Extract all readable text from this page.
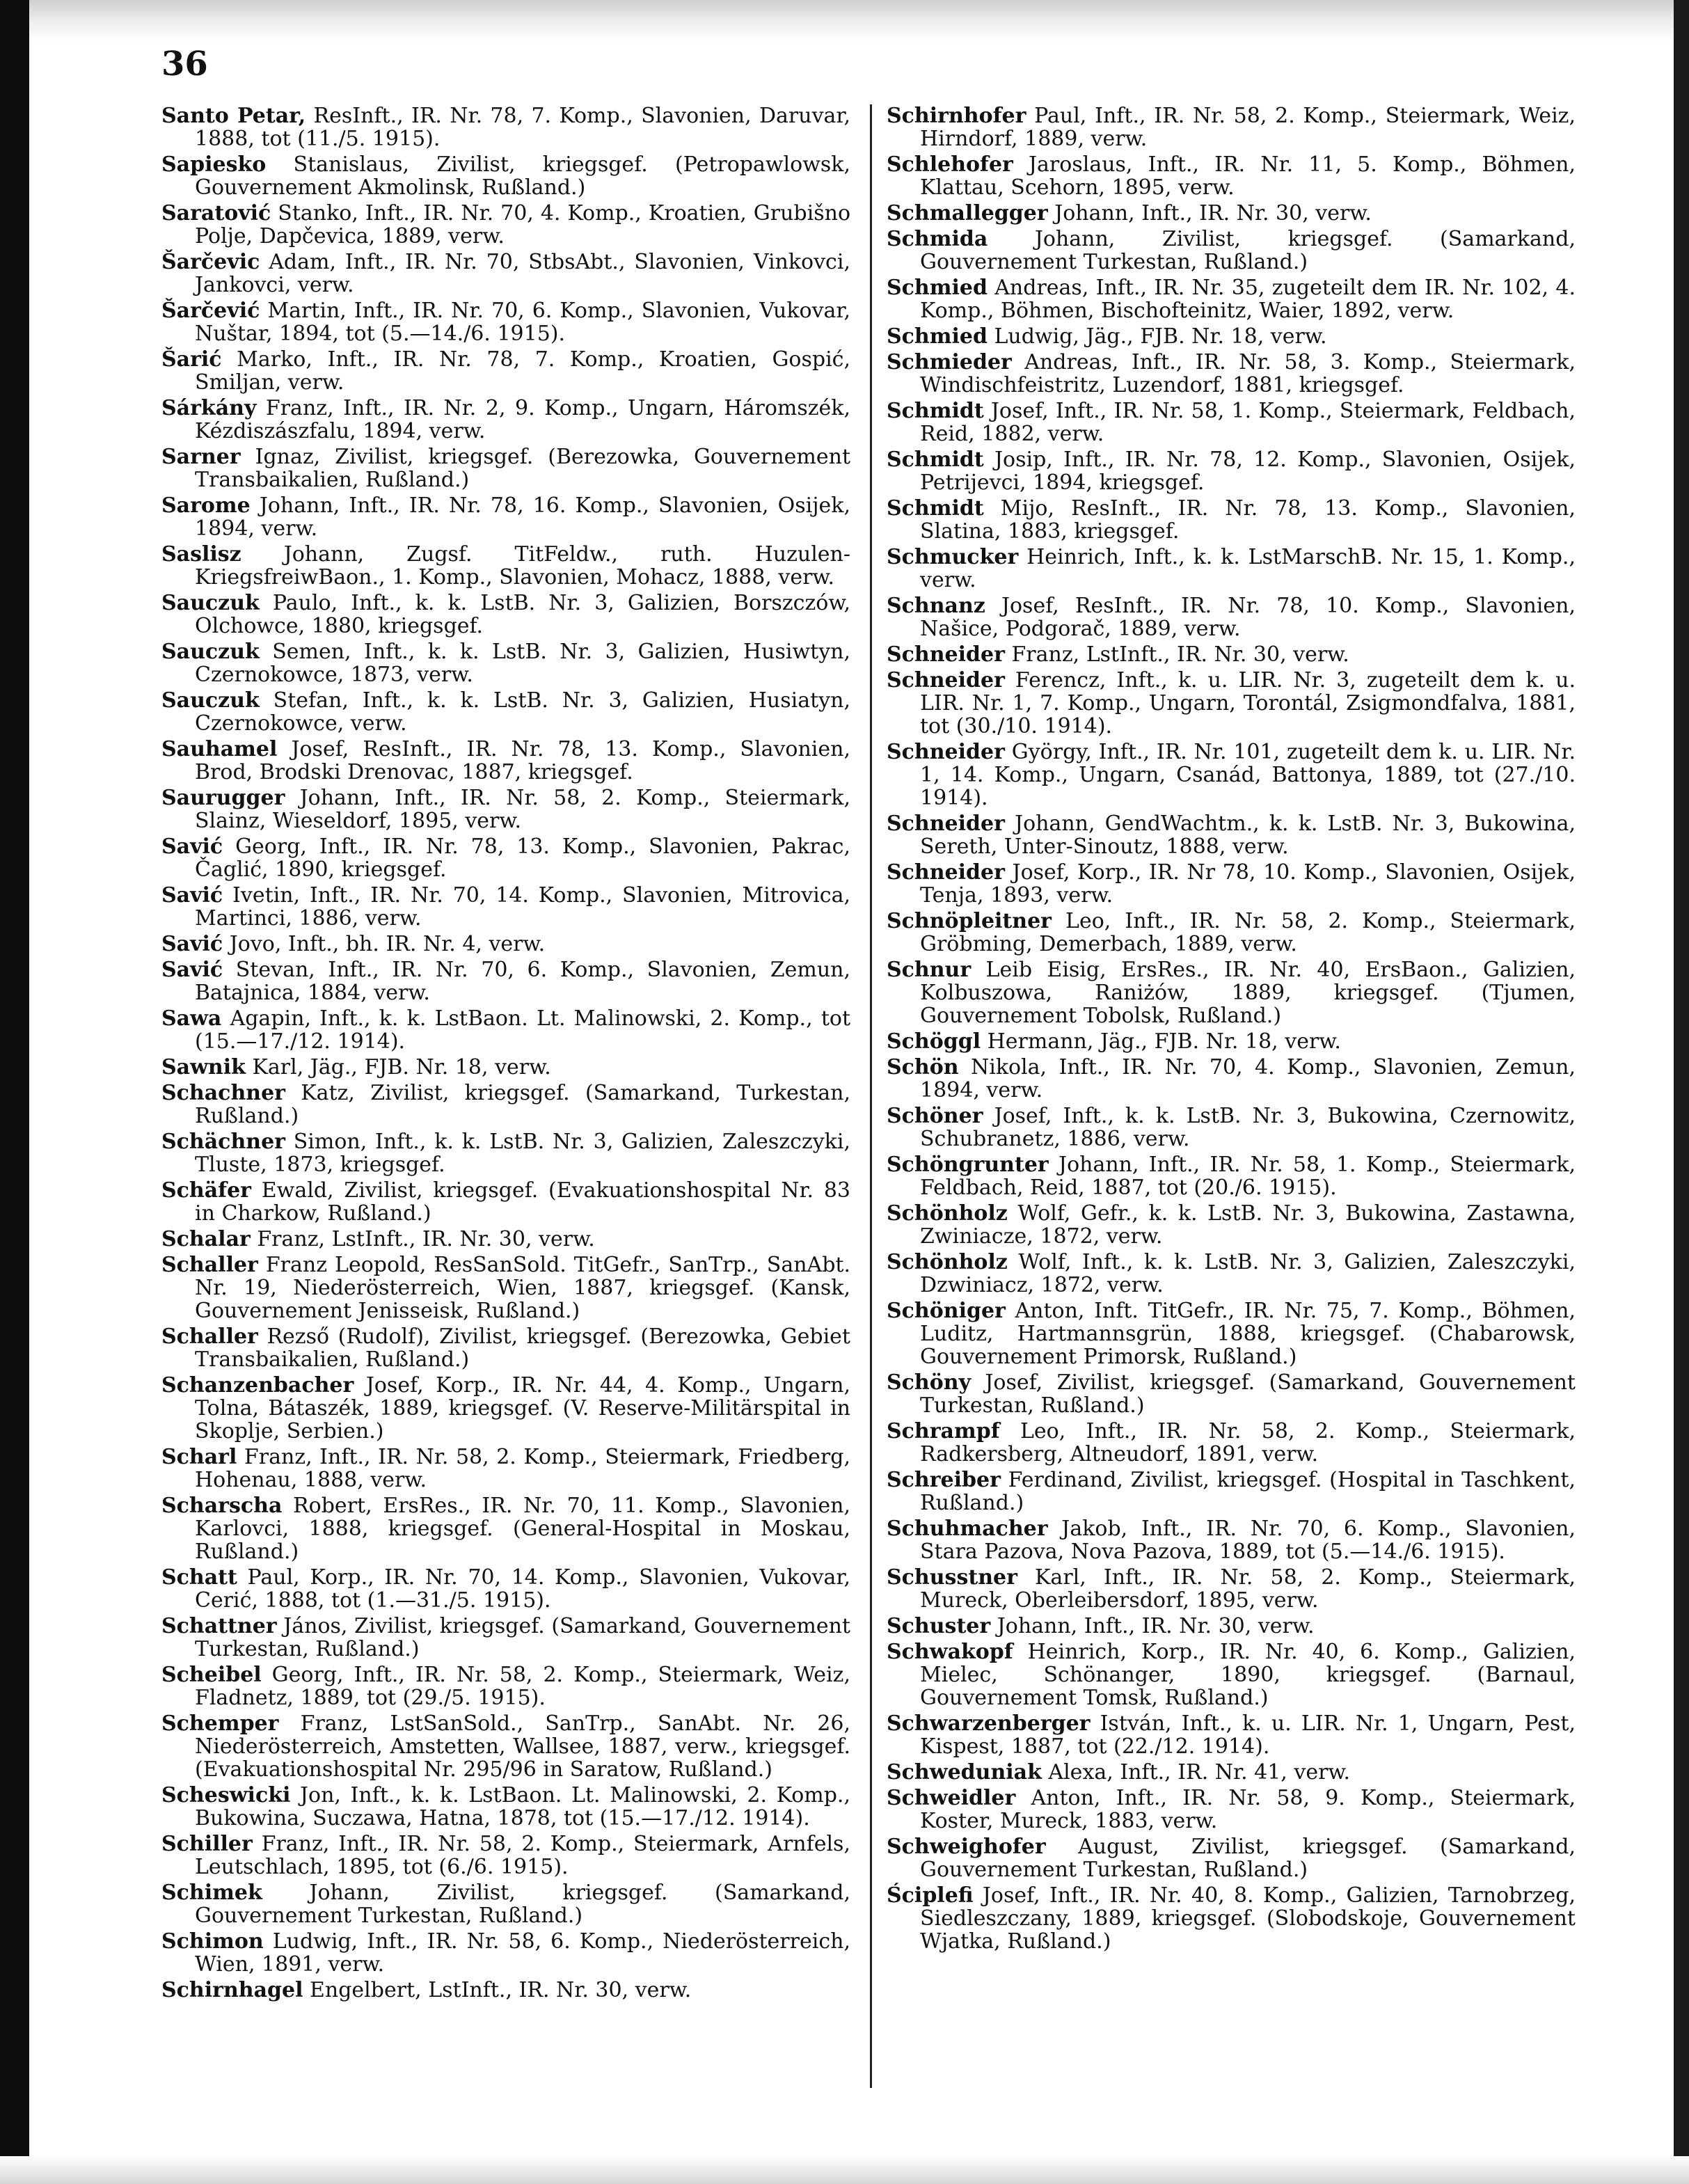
36
Santo Petar, ResInft., IR. Nr. 78, 7. Komp., Slavonien, Daruvar, 1888, tot (11./5. 1915).
Sapiesko Stanislaus, Zivilist, kriegsgef. (Petropawlowsk, Gouvernement Akmolinsk, Rußland.)
Saratović Stanko, Inft., IR. Nr. 70, 4. Komp., Kroatien, Grubišno Polje, Dapčevica, 1889, verw.
Šarčevic Adam, Inft., IR. Nr. 70, StbsAbt., Slavonien, Vinkovci, Jankovci, verw.
Šarčević Martin, Inft., IR. Nr. 70, 6. Komp., Slavonien, Vukovar, Nuštar, 1894, tot (5.—14./6. 1915).
Šarić Marko, Inft., IR. Nr. 78, 7. Komp., Kroatien, Gospić, Smiljan, verw.
Sárkány Franz, Inft., IR. Nr. 2, 9. Komp., Ungarn, Háromszék, Kézdiszászfalu, 1894, verw.
Sarner Ignaz, Zivilist, kriegsgef. (Berezowka, Gouvernement Transbaikalien, Rußland.)
Sarome Johann, Inft., IR. Nr. 78, 16. Komp., Slavonien, Osijek, 1894, verw.
Saslisz Johann, Zugsf. TitFeldw., ruth. Huzulen-KriegsfreiwBaon., 1. Komp., Slavonien, Mohacz, 1888, verw.
Sauczuk Paulo, Inft., k. k. LstB. Nr. 3, Galizien, Borszczów, Olchowce, 1880, kriegsgef.
Sauczuk Semen, Inft., k. k. LstB. Nr. 3, Galizien, Husiwtyn, Czernokowce, 1873, verw.
Sauczuk Stefan, Inft., k. k. LstB. Nr. 3, Galizien, Husiatyn, Czernokowce, verw.
Sauhamel Josef, ResInft., IR. Nr. 78, 13. Komp., Slavonien, Brod, Brodski Drenovac, 1887, kriegsgef.
Saurugger Johann, Inft., IR. Nr. 58, 2. Komp., Steiermark, Slainz, Wieseldorf, 1895, verw.
Savić Georg, Inft., IR. Nr. 78, 13. Komp., Slavonien, Pakrac, Čaglić, 1890, kriegsgef.
Savić Ivetin, Inft., IR. Nr. 70, 14. Komp., Slavonien, Mitrovica, Martinci, 1886, verw.
Savić Jovo, Inft., bh. IR. Nr. 4, verw.
Savić Stevan, Inft., IR. Nr. 70, 6. Komp., Slavonien, Zemun, Batajnica, 1884, verw.
Sawa Agapin, Inft., k. k. LstBaon. Lt. Malinowski, 2. Komp., tot (15.—17./12. 1914).
Sawnik Karl, Jäg., FJB. Nr. 18, verw.
Schachner Katz, Zivilist, kriegsgef. (Samarkand, Turkestan, Rußland.)
Schächner Simon, Inft., k. k. LstB. Nr. 3, Galizien, Zaleszczyki, Tluste, 1873, kriegsgef.
Schäfer Ewald, Zivilist, kriegsgef. (Evakuationshospital Nr. 83 in Charkow, Rußland.)
Schalar Franz, LstInft., IR. Nr. 30, verw.
Schaller Franz Leopold, ResSanSold. TitGefr., SanTrp., SanAbt. Nr. 19, Niederösterreich, Wien, 1887, kriegsgef. (Kansk, Gouvernement Jenisseisk, Rußland.)
Schaller Rezső (Rudolf), Zivilist, kriegsgef. (Berezowka, Gebiet Transbaikalien, Rußland.)
Schanzenbacher Josef, Korp., IR. Nr. 44, 4. Komp., Ungarn, Tolna, Bátaszék, 1889, kriegsgef. (V. Reserve-Militärspital in Skoplje, Serbien.)
Scharl Franz, Inft., IR. Nr. 58, 2. Komp., Steiermark, Friedberg, Hohenau, 1888, verw.
Scharscha Robert, ErsRes., IR. Nr. 70, 11. Komp., Slavonien, Karlovci, 1888, kriegsgef. (General-Hospital in Moskau, Rußland.)
Schatt Paul, Korp., IR. Nr. 70, 14. Komp., Slavonien, Vukovar, Cerić, 1888, tot (1.—31./5. 1915).
Schattner János, Zivilist, kriegsgef. (Samarkand, Gouvernement Turkestan, Rußland.)
Scheibel Georg, Inft., IR. Nr. 58, 2. Komp., Steiermark, Weiz, Fladnetz, 1889, tot (29./5. 1915).
Schemper Franz, LstSanSold., SanTrp., SanAbt. Nr. 26, Niederösterreich, Amstetten, Wallsee, 1887, verw., kriegsgef. (Evakuationshospital Nr. 295/96 in Saratow, Rußland.)
Scheswicki Jon, Inft., k. k. LstBaon. Lt. Malinowski, 2. Komp., Bukowina, Suczawa, Hatna, 1878, tot (15.—17./12. 1914).
Schiller Franz, Inft., IR. Nr. 58, 2. Komp., Steiermark, Arnfels, Leutschlach, 1895, tot (6./6. 1915).
Schimek Johann, Zivilist, kriegsgef. (Samarkand, Gouvernement Turkestan, Rußland.)
Schimon Ludwig, Inft., IR. Nr. 58, 6. Komp., Niederösterreich, Wien, 1891, verw.
Schirnhagel Engelbert, LstInft., IR. Nr. 30, verw.
Schirnhofer Paul, Inft., IR. Nr. 58, 2. Komp., Steiermark, Weiz, Hirndorf, 1889, verw.
Schlehofer Jaroslaus, Inft., IR. Nr. 11, 5. Komp., Böhmen, Klattau, Scehorn, 1895, verw.
Schmallegger Johann, Inft., IR. Nr. 30, verw.
Schmida Johann, Zivilist, kriegsgef. (Samarkand, Gouvernement Turkestan, Rußland.)
Schmied Andreas, Inft., IR. Nr. 35, zugeteilt dem IR. Nr. 102, 4. Komp., Böhmen, Bischofteinitz, Waier, 1892, verw.
Schmied Ludwig, Jäg., FJB. Nr. 18, verw.
Schmieder Andreas, Inft., IR. Nr. 58, 3. Komp., Steiermark, Windischfeistritz, Luzendorf, 1881, kriegsgef.
Schmidt Josef, Inft., IR. Nr. 58, 1. Komp., Steiermark, Feldbach, Reid, 1882, verw.
Schmidt Josip, Inft., IR. Nr. 78, 12. Komp., Slavonien, Osijek, Petrijevci, 1894, kriegsgef.
Schmidt Mijo, ResInft., IR. Nr. 78, 13. Komp., Slavonien, Slatina, 1883, kriegsgef.
Schmucker Heinrich, Inft., k. k. LstMarschB. Nr. 15, 1. Komp., verw.
Schnanz Josef, ResInft., IR. Nr. 78, 10. Komp., Slavonien, Našice, Podgorač, 1889, verw.
Schneider Franz, LstInft., IR. Nr. 30, verw.
Schneider Ferencz, Inft., k. u. LIR. Nr. 3, zugeteilt dem k. u. LIR. Nr. 1, 7. Komp., Ungarn, Torontál, Zsigmondfalva, 1881, tot (30./10. 1914).
Schneider György, Inft., IR. Nr. 101, zugeteilt dem k. u. LIR. Nr. 1, 14. Komp., Ungarn, Csanád, Battonya, 1889, tot (27./10. 1914).
Schneider Johann, GendWachtm., k. k. LstB. Nr. 3, Bukowina, Sereth, Unter-Sinoutz, 1888, verw.
Schneider Josef, Korp., IR. Nr 78, 10. Komp., Slavonien, Osijek, Tenja, 1893, verw.
Schnöpleitner Leo, Inft., IR. Nr. 58, 2. Komp., Steiermark, Gröbming, Demerbach, 1889, verw.
Schnur Leib Eisig, ErsRes., IR. Nr. 40, ErsBaon., Galizien, Kolbuszowa, Raniżów, 1889, kriegsgef. (Tjumen, Gouvernement Tobolsk, Rußland.)
Schöggl Hermann, Jäg., FJB. Nr. 18, verw.
Schön Nikola, Inft., IR. Nr. 70, 4. Komp., Slavonien, Zemun, 1894, verw.
Schöner Josef, Inft., k. k. LstB. Nr. 3, Bukowina, Czernowitz, Schubranetz, 1886, verw.
Schöngrunter Johann, Inft., IR. Nr. 58, 1. Komp., Steiermark, Feldbach, Reid, 1887, tot (20./6. 1915).
Schönholz Wolf, Gefr., k. k. LstB. Nr. 3, Bukowina, Zastawna, Zwiniacze, 1872, verw.
Schönholz Wolf, Inft., k. k. LstB. Nr. 3, Galizien, Zaleszczyki, Dzwiniacz, 1872, verw.
Schöniger Anton, Inft. TitGefr., IR. Nr. 75, 7. Komp., Böhmen, Luditz, Hartmannsgrün, 1888, kriegsgef. (Chabarowsk, Gouvernement Primorsk, Rußland.)
Schöny Josef, Zivilist, kriegsgef. (Samarkand, Gouvernement Turkestan, Rußland.)
Schrampf Leo, Inft., IR. Nr. 58, 2. Komp., Steiermark, Radkersberg, Altneudorf, 1891, verw.
Schreiber Ferdinand, Zivilist, kriegsgef. (Hospital in Taschkent, Rußland.)
Schuhmacher Jakob, Inft., IR. Nr. 70, 6. Komp., Slavonien, Stara Pazova, Nova Pazova, 1889, tot (5.—14./6. 1915).
Schusstner Karl, Inft., IR. Nr. 58, 2. Komp., Steiermark, Mureck, Oberleibersdorf, 1895, verw.
Schuster Johann, Inft., IR. Nr. 30, verw.
Schwakopf Heinrich, Korp., IR. Nr. 40, 6. Komp., Galizien, Mielec, Schönanger, 1890, kriegsgef. (Barnaul, Gouvernement Tomsk, Rußland.)
Schwarzenberger István, Inft., k. u. LIR. Nr. 1, Ungarn, Pest, Kispest, 1887, tot (22./12. 1914).
Schweduniak Alexa, Inft., IR. Nr. 41, verw.
Schweidler Anton, Inft., IR. Nr. 58, 9. Komp., Steiermark, Koster, Mureck, 1883, verw.
Schweighofer August, Zivilist, kriegsgef. (Samarkand, Gouvernement Turkestan, Rußland.)
Ściplefi Josef, Inft., IR. Nr. 40, 8. Komp., Galizien, Tarnobrzeg, Siedleszczany, 1889, kriegsgef. (Slobodskoje, Gouvernement Wjatka, Rußland.)
